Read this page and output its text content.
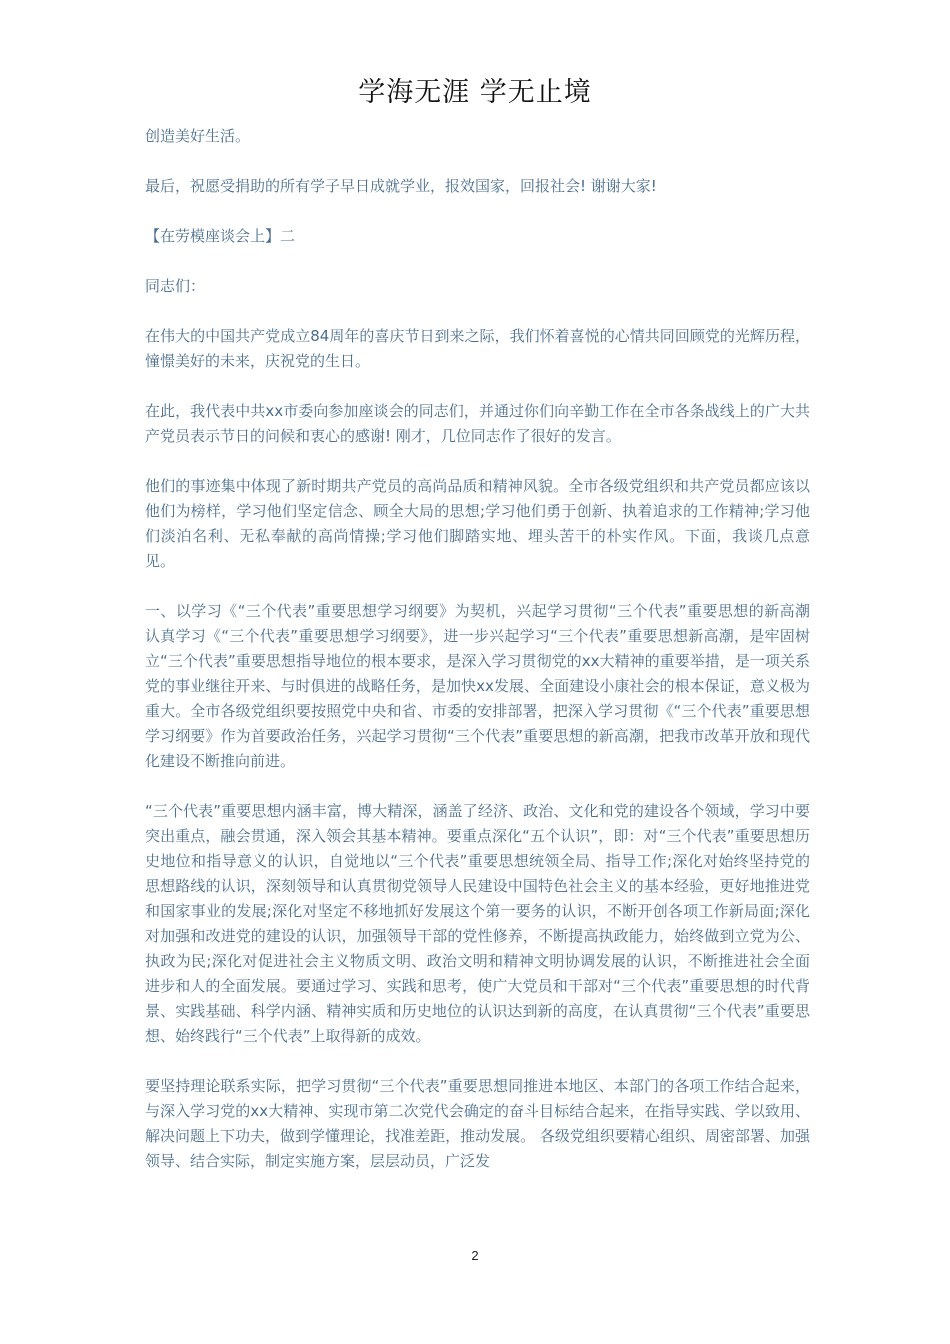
学海无涯 学无止境

创造美好生活。

最后，祝愿受捐助的所有学子早日成就学业，报效国家，回报社会! 谢谢大家!

【在劳模座谈会上】二

同志们：

在伟大的中国共产党成立84周年的喜庆节日到来之际，我们怀着喜悦的心情共同回顾党的光辉历程，憧憬美好的未来，庆祝党的生日。

在此，我代表中共xx市委向参加座谈会的同志们，并通过你们向辛勤工作在全市各条战线上的广大共产党员表示节日的问候和衷心的感谢! 刚才，几位同志作了很好的发言。

他们的事迹集中体现了新时期共产党员的高尚品质和精神风貌。全市各级党组织和共产党员都应该以他们为榜样，学习他们坚定信念、顾全大局的思想;学习他们勇于创新、执着追求的工作精神;学习他们淡泊名利、无私奉献的高尚情操;学习他们脚踏实地、埋头苦干的朴实作风。下面，我谈几点意见。

一、以学习《“三个代表”重要思想学习纲要》为契机，兴起学习贯彻“三个代表”重要思想的新高潮 认真学习《“三个代表”重要思想学习纲要》，进一步兴起学习“三个代表”重要思想新高潮，是牢固树立“三个代表”重要思想指导地位的根本要求，是深入学习贯彻党的xx大精神的重要举措，是一项关系党的事业继往开来、与时俱进的战略任务，是加快xx发展、全面建设小康社会的根本保证，意义极为重大。全市各级党组织要按照党中央和省、市委的安排部署，把深入学习贯彻《“三个代表”重要思想学习纲要》作为首要政治任务，兴起学习贯彻“三个代表”重要思想的新高潮，把我市改革开放和现代化建设不断推向前进。

“三个代表”重要思想内涵丰富，博大精深，涵盖了经济、政治、文化和党的建设各个领域，学习中要突出重点，融会贯通，深入领会其基本精神。要重点深化“五个认识”，即：对“三个代表”重要思想历史地位和指导意义的认识，自觉地以“三个代表”重要思想统领全局、指导工作;深化对始终坚持党的思想路线的认识，深刻领导和认真贯彻党领导人民建设中国特色社会主义的基本经验，更好地推进党和国家事业的发展;深化对坚定不移地抓好发展这个第一要务的认识，不断开创各项工作新局面;深化对加强和改进党的建设的认识，加强领导干部的党性修养，不断提高执政能力，始终做到立党为公、执政为民;深化对促进社会主义物质文明、政治文明和精神文明协调发展的认识，不断推进社会全面进步和人的全面发展。要通过学习、实践和思考，使广大党员和干部对“三个代表”重要思想的时代背景、实践基础、科学内涵、精神实质和历史地位的认识达到新的高度，在认真贯彻“三个代表”重要思想、始终践行“三个代表”上取得新的成效。

要坚持理论联系实际，把学习贯彻“三个代表”重要思想同推进本地区、本部门的各项工作结合起来，与深入学习党的xx大精神、实现市第二次党代会确定的奋斗目标结合起来，在指导实践、学以致用、解决问题上下功夫，做到学懂理论，找准差距，推动发展。 各级党组织要精心组织、周密部署、加强领导、结合实际，制定实施方案，层层动员，广泛发

2
